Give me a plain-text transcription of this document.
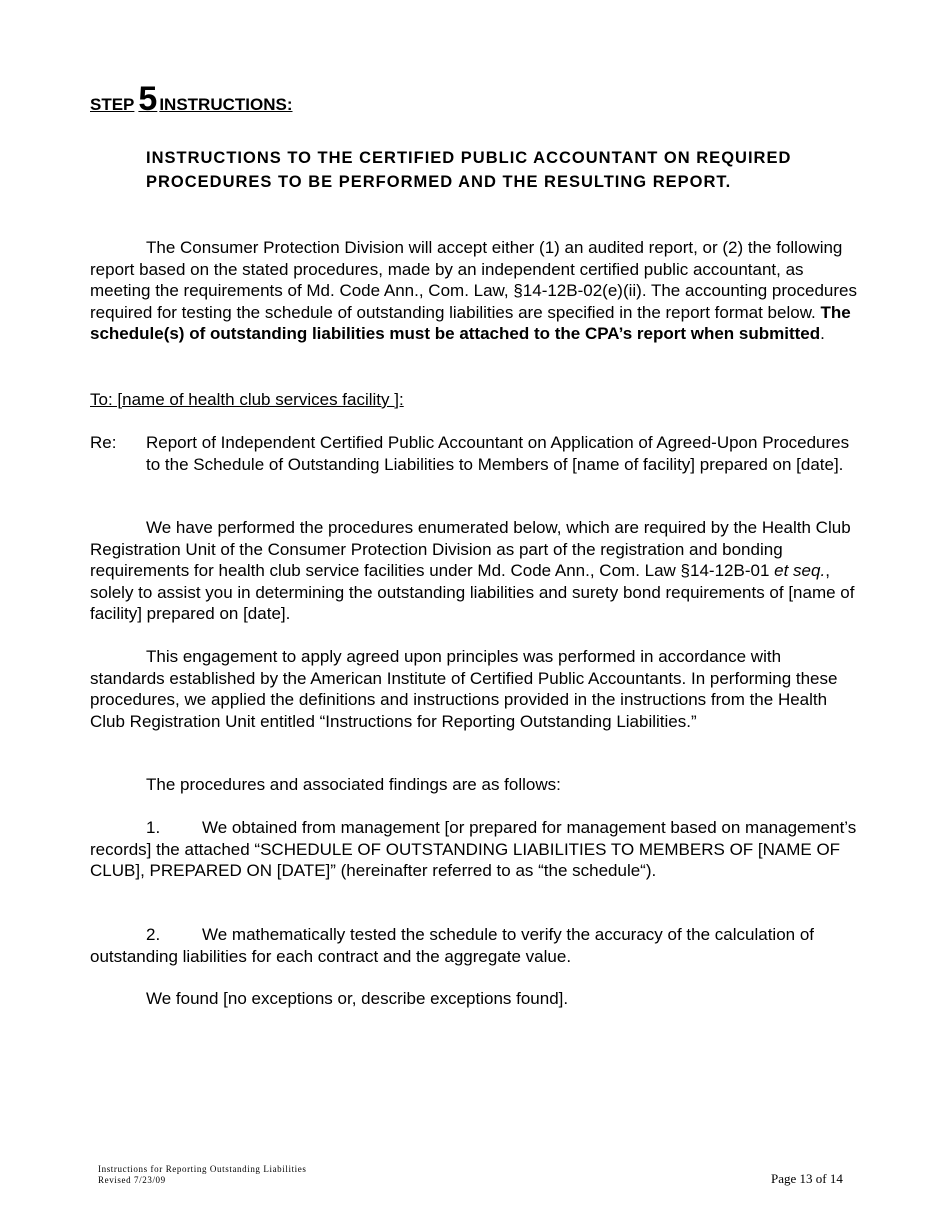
STEP 5 INSTRUCTIONS:
INSTRUCTIONS TO THE CERTIFIED PUBLIC ACCOUNTANT ON REQUIRED PROCEDURES TO BE PERFORMED AND THE RESULTING REPORT.
The Consumer Protection Division will accept either (1) an audited report, or (2) the following report based on the stated procedures, made by an independent certified public accountant, as meeting the requirements of Md. Code Ann., Com. Law, §14-12B-02(e)(ii). The accounting procedures required for testing the schedule of outstanding liabilities are specified in the report format below. The schedule(s) of outstanding liabilities must be attached to the CPA’s report when submitted.
To: [name of health club services facility ]:
Re: Report of Independent Certified Public Accountant on Application of Agreed-Upon Procedures to the Schedule of Outstanding Liabilities to Members of [name of facility] prepared on [date].
We have performed the procedures enumerated below, which are required by the Health Club Registration Unit of the Consumer Protection Division as part of the registration and bonding requirements for health club service facilities under Md. Code Ann., Com. Law §14-12B-01 et seq., solely to assist you in determining the outstanding liabilities and surety bond requirements of [name of facility] prepared on [date].
This engagement to apply agreed upon principles was performed in accordance with standards established by the American Institute of Certified Public Accountants. In performing these procedures, we applied the definitions and instructions provided in the instructions from the Health Club Registration Unit entitled “Instructions for Reporting Outstanding Liabilities.”
The procedures and associated findings are as follows:
1. We obtained from management [or prepared for management based on management’s records] the attached “SCHEDULE OF OUTSTANDING LIABILITIES TO MEMBERS OF [NAME OF CLUB], PREPARED ON [DATE]” (hereinafter referred to as “the schedule“).
2. We mathematically tested the schedule to verify the accuracy of the calculation of outstanding liabilities for each contract and the aggregate value.
We found [no exceptions or, describe exceptions found].
Instructions for Reporting Outstanding Liabilities
Revised 7/23/09	Page 13 of 14
